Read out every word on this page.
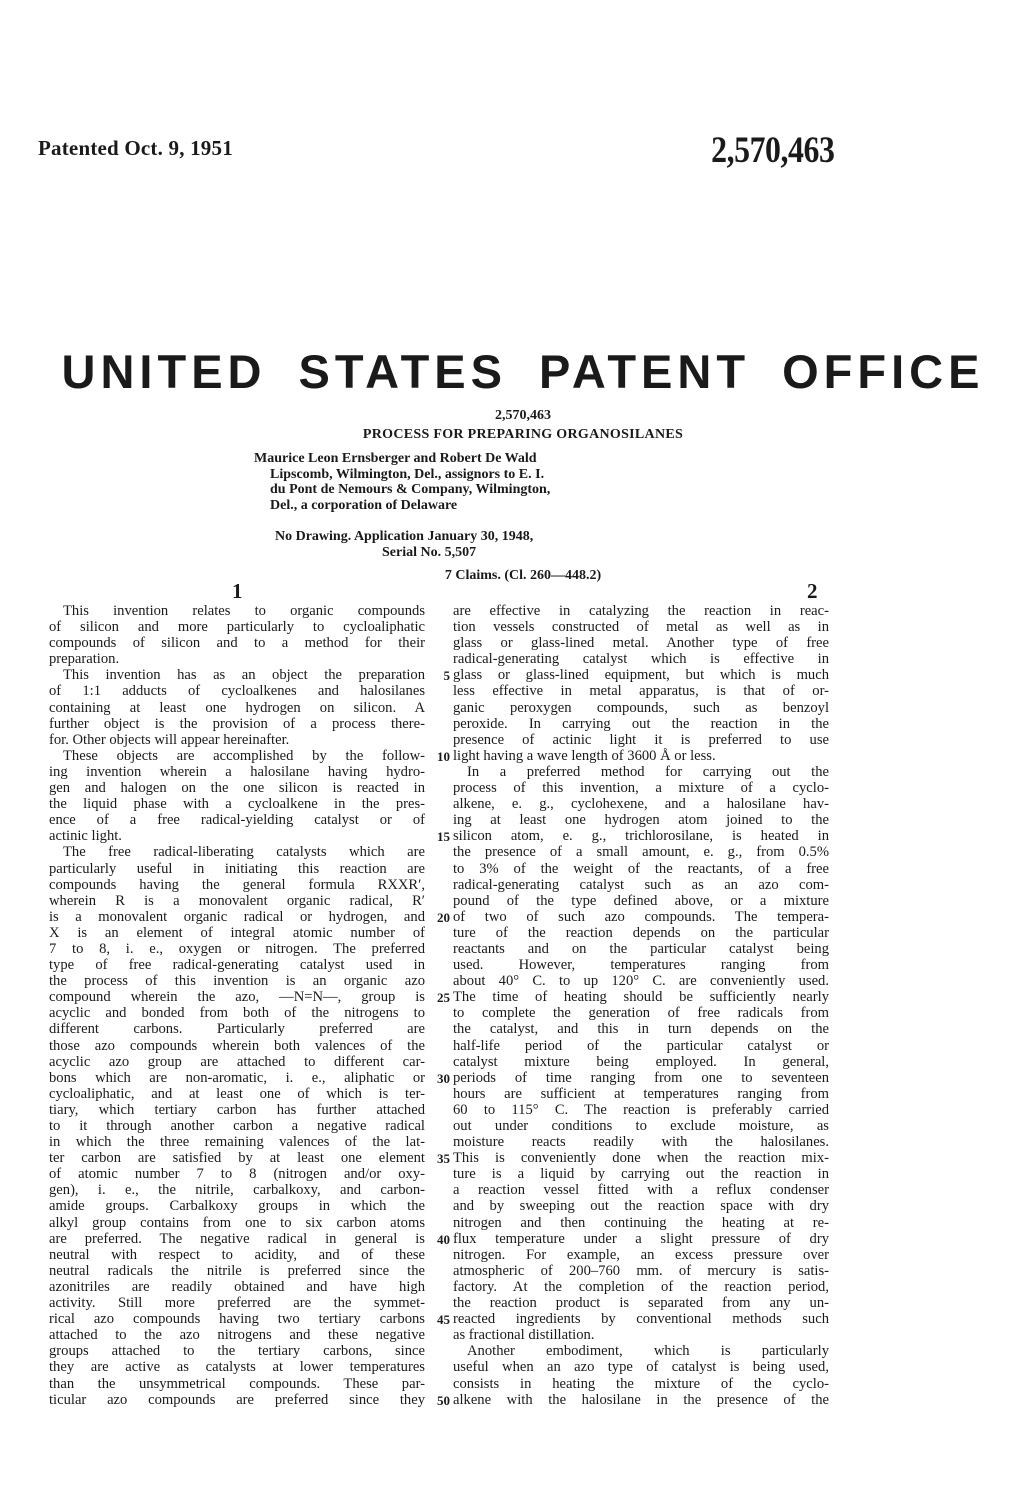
Patented Oct. 9, 1951	2,570,463
UNITED STATES PATENT OFFICE
2,570,463
PROCESS FOR PREPARING ORGANOSILANES
Maurice Leon Ernsberger and Robert De Wald
Lipscomb, Wilmington, Del., assignors to E. I.
du Pont de Nemours & Company, Wilmington,
Del., a corporation of Delaware
No Drawing. Application January 30, 1948,
Serial No. 5,507
7 Claims. (Cl. 260—448.2)
1	2
This invention relates to organic compounds
of silicon and more particularly to cycloaliphatic
compounds of silicon and to a method for their
preparation.
This invention has as an object the preparation
of 1:1 adducts of cycloalkenes and halosilanes
containing at least one hydrogen on silicon. A
further object is the provision of a process there-
for. Other objects will appear hereinafter.
These objects are accomplished by the follow-
ing invention wherein a halosilane having hydro-
gen and halogen on the one silicon is reacted in
the liquid phase with a cycloalkene in the pres-
ence of a free radical-yielding catalyst or of
actinic light.
The free radical-liberating catalysts which are
particularly useful in initiating this reaction are
compounds having the general formula RXXR′,
wherein R is a monovalent organic radical, R′
is a monovalent organic radical or hydrogen, and
X is an element of integral atomic number of
7 to 8, i. e., oxygen or nitrogen. The preferred
type of free radical-generating catalyst used in
the process of this invention is an organic azo
compound wherein the azo, —N=N—, group is
acyclic and bonded from both of the nitrogens to
different carbons. Particularly preferred are
those azo compounds wherein both valences of the
acyclic azo group are attached to different car-
bons which are non-aromatic, i. e., aliphatic or
cycloaliphatic, and at least one of which is ter-
tiary, which tertiary carbon has further attached
to it through another carbon a negative radical
in which the three remaining valences of the lat-
ter carbon are satisfied by at least one element
of atomic number 7 to 8 (nitrogen and/or oxy-
gen), i. e., the nitrile, carbalkoxy, and carbon-
amide groups. Carbalkoxy groups in which the
alkyl group contains from one to six carbon atoms
are preferred. The negative radical in general is
neutral with respect to acidity, and of these
neutral radicals the nitrile is preferred since the
azonitriles are readily obtained and have high
activity. Still more preferred are the symmet-
rical azo compounds having two tertiary carbons
attached to the azo nitrogens and these negative
groups attached to the tertiary carbons, since
they are active as catalysts at lower temperatures
than the unsymmetrical compounds. These par-
ticular azo compounds are preferred since they
are effective in catalyzing the reaction in reac-
tion vessels constructed of metal as well as in
glass or glass-lined metal. Another type of free
radical-generating catalyst which is effective in
glass or glass-lined equipment, but which is much
less effective in metal apparatus, is that of or-
ganic peroxygen compounds, such as benzoyl
peroxide. In carrying out the reaction in the
presence of actinic light it is preferred to use
light having a wave length of 3600 Å or less.
In a preferred method for carrying out the
process of this invention, a mixture of a cyclo-
alkene, e. g., cyclohexene, and a halosilane hav-
ing at least one hydrogen atom joined to the
silicon atom, e. g., trichlorosilane, is heated in
the presence of a small amount, e. g., from 0.5%
to 3% of the weight of the reactants, of a free
radical-generating catalyst such as an azo com-
pound of the type defined above, or a mixture
of two of such azo compounds. The tempera-
ture of the reaction depends on the particular
reactants and on the particular catalyst being
used. However, temperatures ranging from
about 40° C. to up 120° C. are conveniently used.
The time of heating should be sufficiently nearly
to complete the generation of free radicals from
the catalyst, and this in turn depends on the
half-life period of the particular catalyst or
catalyst mixture being employed. In general,
periods of time ranging from one to seventeen
hours are sufficient at temperatures ranging from
60 to 115° C. The reaction is preferably carried
out under conditions to exclude moisture, as
moisture reacts readily with the halosilanes.
This is conveniently done when the reaction mix-
ture is a liquid by carrying out the reaction in
a reaction vessel fitted with a reflux condenser
and by sweeping out the reaction space with dry
nitrogen and then continuing the heating at re-
flux temperature under a slight pressure of dry
nitrogen. For example, an excess pressure over
atmospheric of 200–760 mm. of mercury is satis-
factory. At the completion of the reaction period,
the reaction product is separated from any un-
reacted ingredients by conventional methods such
as fractional distillation.
Another embodiment, which is particularly
useful when an azo type of catalyst is being used,
consists in heating the mixture of the cyclo-
alkene with the halosilane in the presence of the
5
10
15
20
25
30
35
40
45
50
